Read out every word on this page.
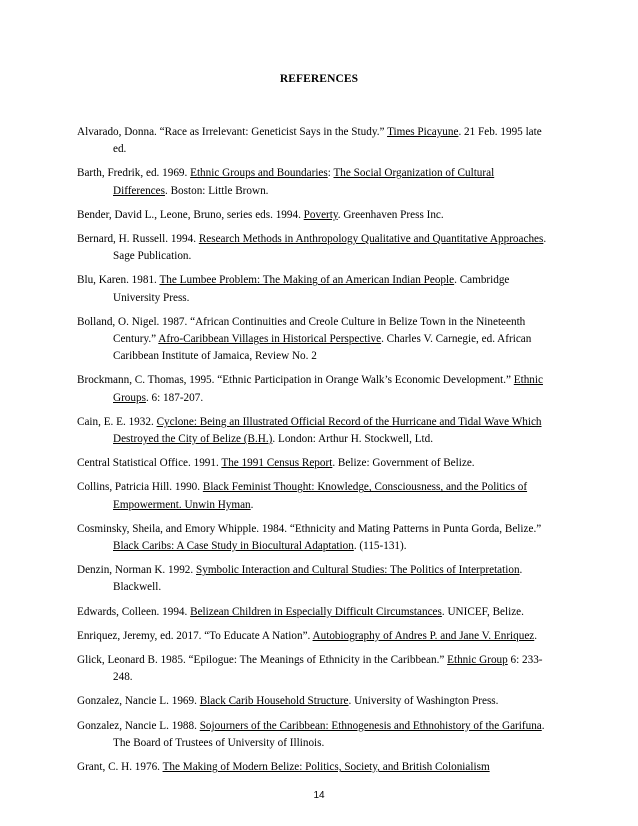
REFERENCES

Alvarado, Donna. “Race as Irrelevant: Geneticist Says in the Study.” Times Picayune. 21 Feb. 1995 late ed.

Barth, Fredrik, ed. 1969. Ethnic Groups and Boundaries: The Social Organization of Cultural Differences. Boston: Little Brown.

Bender, David L., Leone, Bruno, series eds. 1994. Poverty. Greenhaven Press Inc.

Bernard, H. Russell. 1994. Research Methods in Anthropology Qualitative and Quantitative Approaches. Sage Publication.

Blu, Karen. 1981. The Lumbee Problem: The Making of an American Indian People. Cambridge University Press.

Bolland, O. Nigel. 1987. “African Continuities and Creole Culture in Belize Town in the Nineteenth Century.” Afro-Caribbean Villages in Historical Perspective. Charles V. Carnegie, ed. African Caribbean Institute of Jamaica, Review No. 2

Brockmann, C. Thomas, 1995. “Ethnic Participation in Orange Walk’s Economic Development.” Ethnic Groups. 6: 187-207.

Cain, E. E. 1932. Cyclone: Being an Illustrated Official Record of the Hurricane and Tidal Wave Which Destroyed the City of Belize (B.H.). London: Arthur H. Stockwell, Ltd.

Central Statistical Office. 1991. The 1991 Census Report. Belize: Government of Belize.

Collins, Patricia Hill. 1990. Black Feminist Thought: Knowledge, Consciousness, and the Politics of Empowerment. Unwin Hyman.

Cosminsky, Sheila, and Emory Whipple. 1984. “Ethnicity and Mating Patterns in Punta Gorda, Belize.” Black Caribs: A Case Study in Biocultural Adaptation. (115-131).

Denzin, Norman K. 1992. Symbolic Interaction and Cultural Studies: The Politics of Interpretation. Blackwell.

Edwards, Colleen. 1994. Belizean Children in Especially Difficult Circumstances. UNICEF, Belize.

Enriquez, Jeremy, ed. 2017. “To Educate A Nation”. Autobiography of Andres P. and Jane V. Enriquez.

Glick, Leonard B. 1985. “Epilogue: The Meanings of Ethnicity in the Caribbean.” Ethnic Group 6: 233-248.

Gonzalez, Nancie L. 1969. Black Carib Household Structure. University of Washington Press.

Gonzalez, Nancie L. 1988. Sojourners of the Caribbean: Ethnogenesis and Ethnohistory of the Garifuna. The Board of Trustees of University of Illinois.

Grant, C. H. 1976. The Making of Modern Belize: Politics, Society, and British Colonialism

14
